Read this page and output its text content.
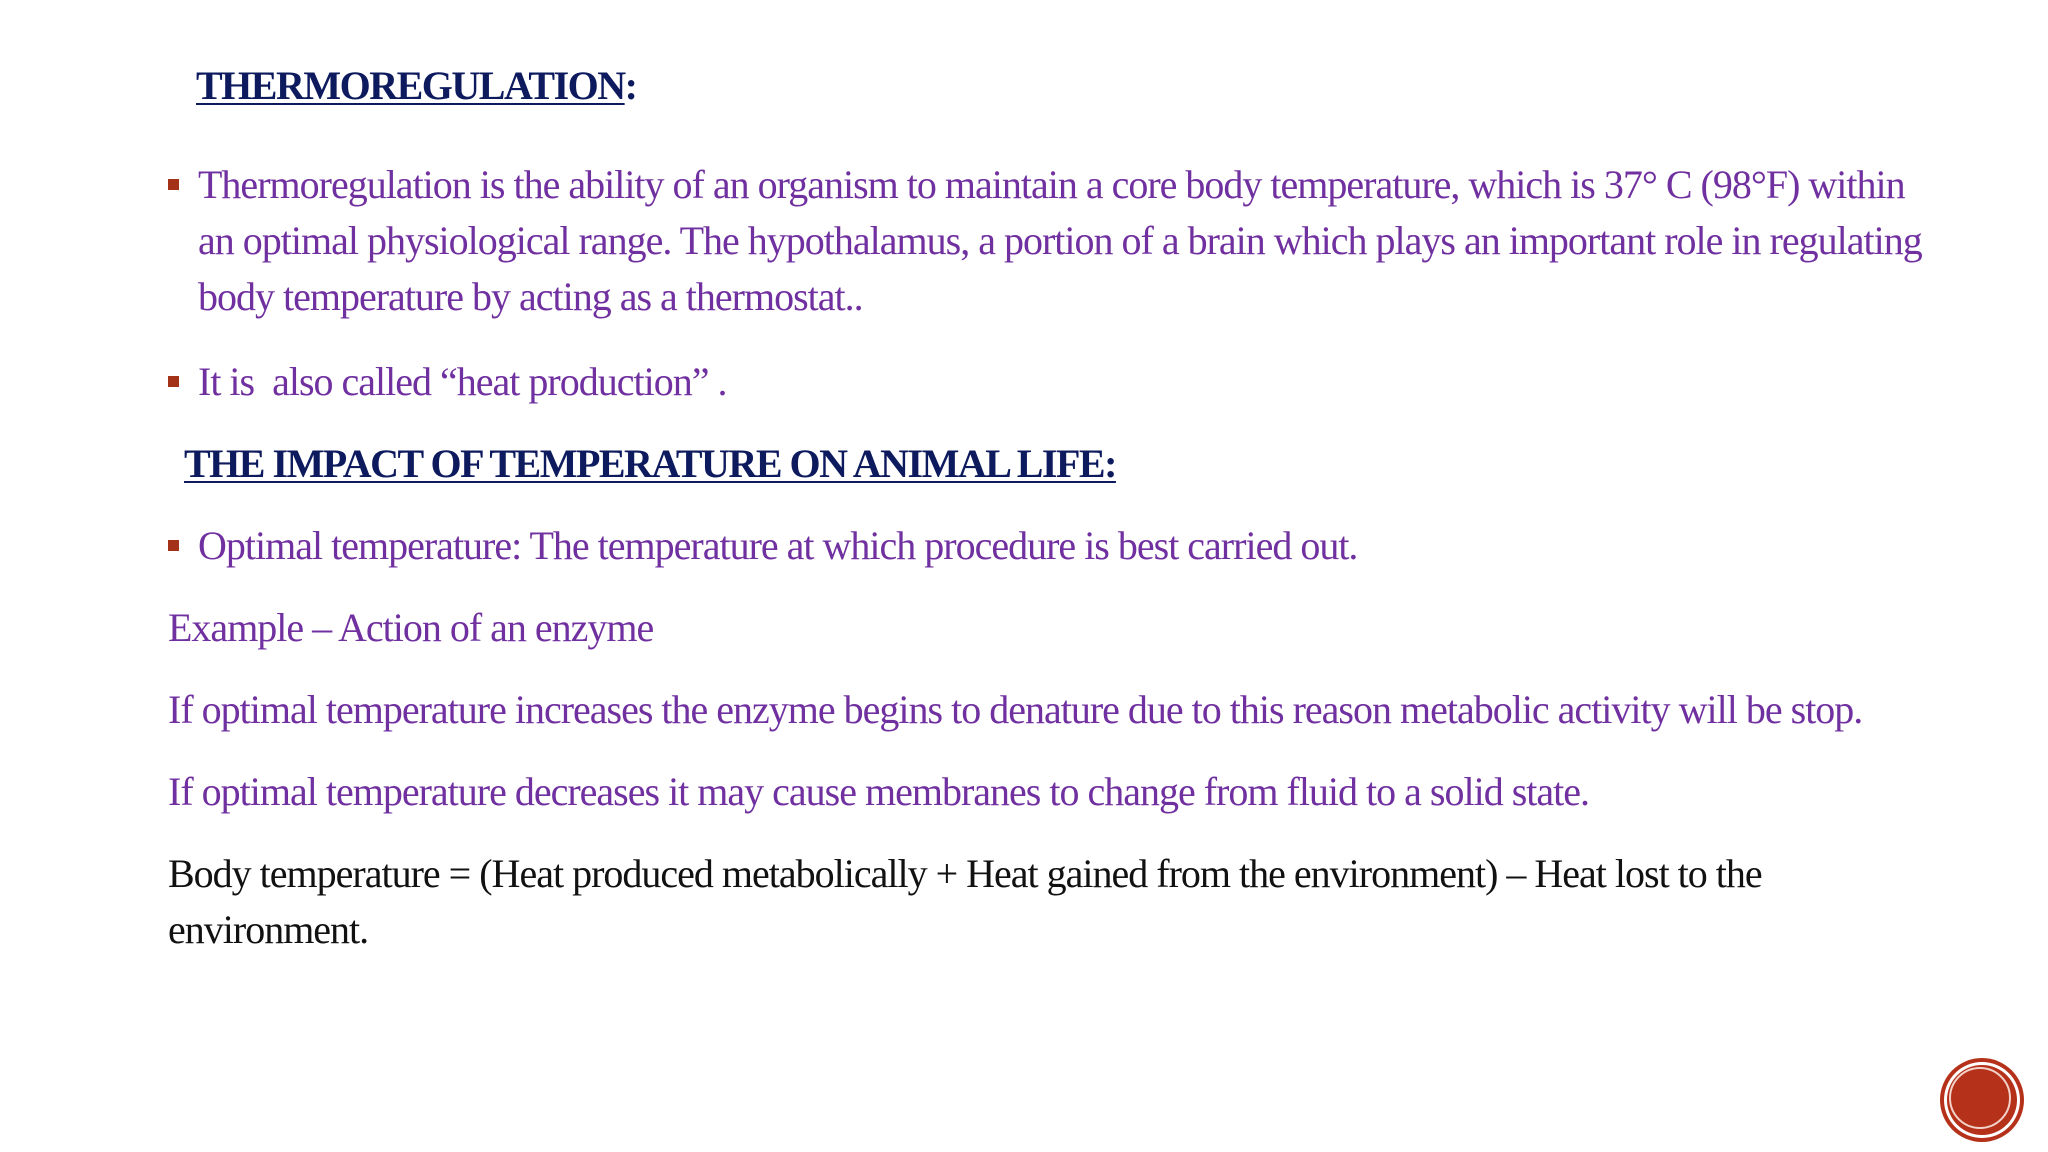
THERMOREGULATION:
Thermoregulation is the ability of an organism to maintain a core body temperature, which is 37° C (98°F) within an optimal physiological range. The hypothalamus, a portion of a brain which plays an important role in regulating body temperature by acting as a thermostat..
It is  also called “heat production” .
THE IMPACT OF TEMPERATURE ON ANIMAL LIFE:
Optimal temperature: The temperature at which procedure is best carried out.
Example – Action of an enzyme
If optimal temperature increases the enzyme begins to denature due to this reason metabolic activity will be stop.
If optimal temperature decreases it may cause membranes to change from fluid to a solid state.
Body temperature = (Heat produced metabolically + Heat gained from the environment) – Heat lost to the environment.
